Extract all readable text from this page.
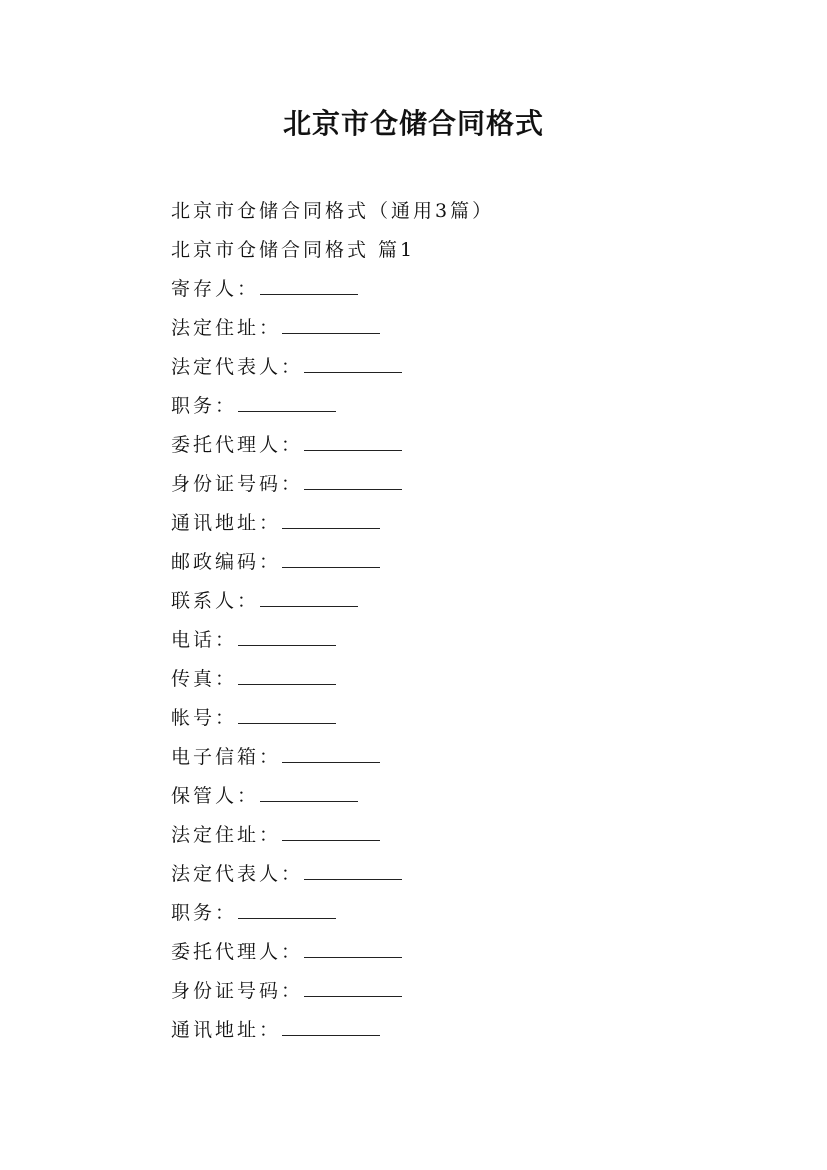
北京市仓储合同格式
北京市仓储合同格式（通用3篇）
北京市仓储合同格式 篇1
寄存人：
法定住址：
法定代表人：
职务：
委托代理人：
身份证号码：
通讯地址：
邮政编码：
联系人：
电话：
传真：
帐号：
电子信箱：
保管人：
法定住址：
法定代表人：
职务：
委托代理人：
身份证号码：
通讯地址：
